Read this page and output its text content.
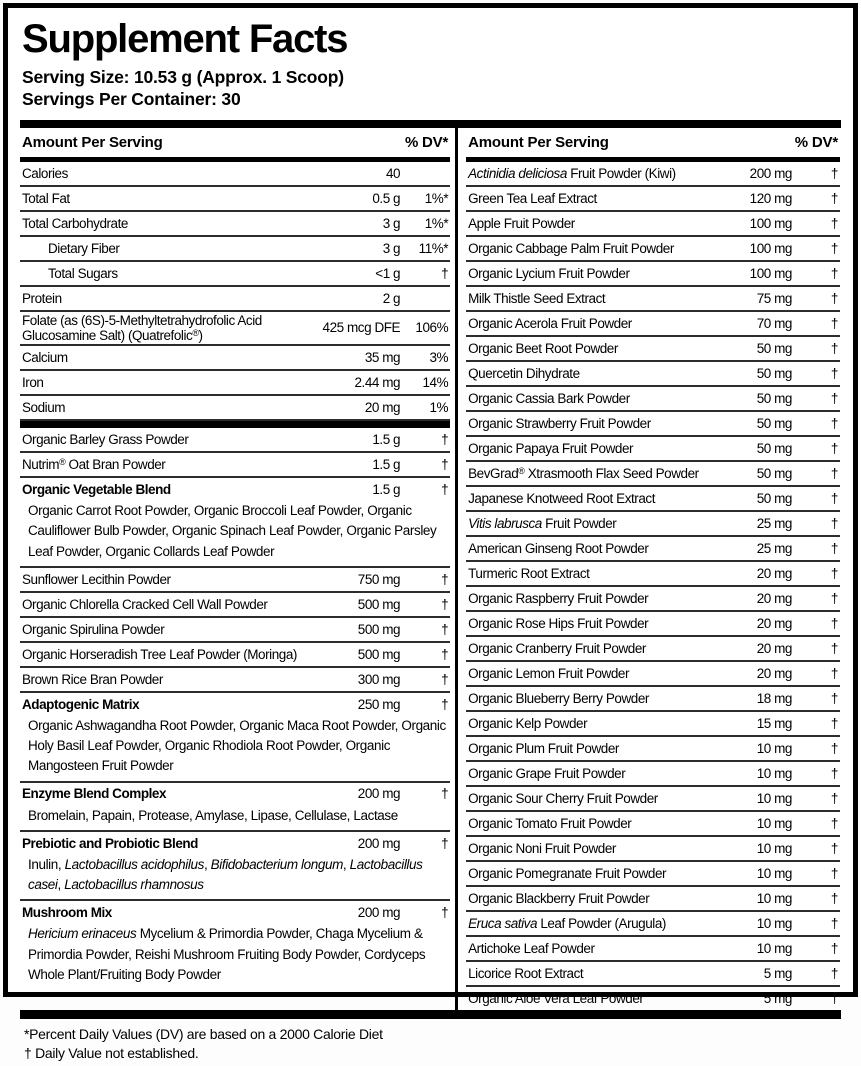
Supplement Facts
Serving Size: 10.53 g (Approx. 1 Scoop)
Servings Per Container: 30
Amount Per Serving	% DV*
Calories	40
Total Fat	0.5 g	1%*
Total Carbohydrate	3 g	1%*
Dietary Fiber	3 g	11%*
Total Sugars	<1 g	†
Protein	2 g
Folate (as (6S)-5-Methyltetrahydrofolic Acid Glucosamine Salt) (Quatrefolic®)
425 mcg DFE	106%
Calcium	35 mg	3%
Iron	2.44 mg	14%
Sodium	20 mg	1%
Organic Barley Grass Powder	1.5 g	†
Nutrim® Oat Bran Powder	1.5 g	†
Organic Vegetable Blend	1.5 g	†
Organic Carrot Root Powder, Organic Broccoli Leaf Powder, Organic Cauliflower Bulb Powder, Organic Spinach Leaf Powder, Organic Parsley Leaf Powder, Organic Collards Leaf Powder
Sunflower Lecithin Powder	750 mg	†
Organic Chlorella Cracked Cell Wall Powder	500 mg	†
Organic Spirulina Powder	500 mg	†
Organic Horseradish Tree Leaf Powder (Moringa)	500 mg	†
Brown Rice Bran Powder	300 mg	†
Adaptogenic Matrix	250 mg	†
Organic Ashwagandha Root Powder, Organic Maca Root Powder, Organic Holy Basil Leaf Powder, Organic Rhodiola Root Powder, Organic Mangosteen Fruit Powder
Enzyme Blend Complex	200 mg	†
Bromelain, Papain, Protease, Amylase, Lipase, Cellulase, Lactase
Prebiotic and Probiotic Blend	200 mg	†
Inulin, Lactobacillus acidophilus, Bifidobacterium longum, Lactobacillus casei, Lactobacillus rhamnosus
Mushroom Mix	200 mg	†
Hericium erinaceus Mycelium & Primordia Powder, Chaga Mycelium & Primordia Powder, Reishi Mushroom Fruiting Body Powder, Cordyceps Whole Plant/Fruiting Body Powder
Amount Per Serving	% DV*
Actinidia deliciosa Fruit Powder (Kiwi)	200 mg	†
Green Tea Leaf Extract	120 mg	†
Apple Fruit Powder	100 mg	†
Organic Cabbage Palm Fruit Powder	100 mg	†
Organic Lycium Fruit Powder	100 mg	†
Milk Thistle Seed Extract	75 mg	†
Organic Acerola Fruit Powder	70 mg	†
Organic Beet Root Powder	50 mg	†
Quercetin Dihydrate	50 mg	†
Organic Cassia Bark Powder	50 mg	†
Organic Strawberry Fruit Powder	50 mg	†
Organic Papaya Fruit Powder	50 mg	†
BevGrad® Xtrasmooth Flax Seed Powder	50 mg	†
Japanese Knotweed Root Extract	50 mg	†
Vitis labrusca Fruit Powder	25 mg	†
American Ginseng Root Powder	25 mg	†
Turmeric Root Extract	20 mg	†
Organic Raspberry Fruit Powder	20 mg	†
Organic Rose Hips Fruit Powder	20 mg	†
Organic Cranberry Fruit Powder	20 mg	†
Organic Lemon Fruit Powder	20 mg	†
Organic Blueberry Berry Powder	18 mg	†
Organic Kelp Powder	15 mg	†
Organic Plum Fruit Powder	10 mg	†
Organic Grape Fruit Powder	10 mg	†
Organic Sour Cherry Fruit Powder	10 mg	†
Organic Tomato Fruit Powder	10 mg	†
Organic Noni Fruit Powder	10 mg	†
Organic Pomegranate Fruit Powder	10 mg	†
Organic Blackberry Fruit Powder	10 mg	†
Eruca sativa Leaf Powder (Arugula)	10 mg	†
Artichoke Leaf Powder	10 mg	†
Licorice Root Extract	5 mg	†
Organic Aloe Vera Leaf Powder	5 mg	†
*Percent Daily Values (DV) are based on a 2000 Calorie Diet
† Daily Value not established.
